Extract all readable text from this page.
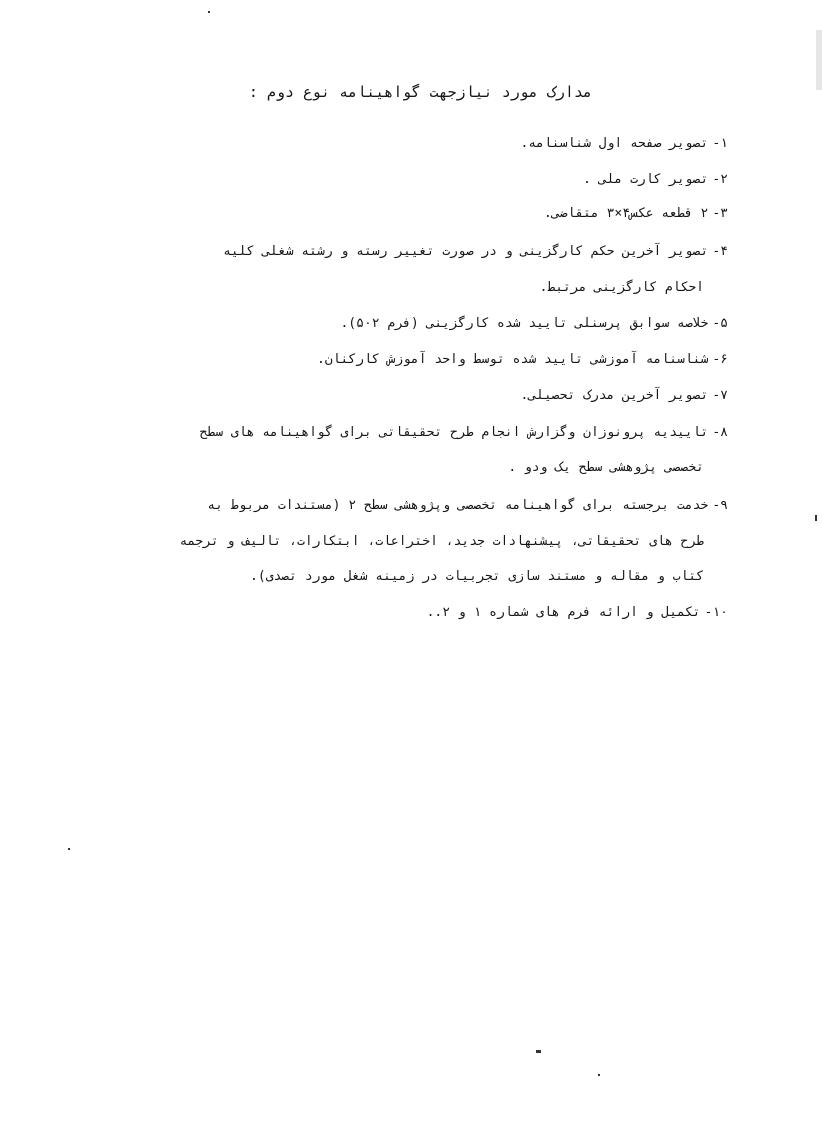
مدارک مورد نیازجهت گواهینامه نوع دوم :
۱-تصویر صفحه اول شناسنامه.
۲-تصویر کارت ملی .
۳-۲ قطعه عکس۴×۳ متقاضی.
۴-تصویر آخرین حکم کارگزینی و در صورت تغییر رسته و رشته شغلی کلیه
احکام کارگزینی مرتبط.
۵-خلاصه سوابق پرسنلی تایید شده کارگزینی (فرم ۵۰۲).
۶-شناسنامه آموزشی تایید شده توسط واحد آموزش کارکنان.
۷-تصویر آخرین مدرک تحصیلی.
۸-تاییدیه پرونوزان وگزارش انجام طرح تحقیقاتی برای گواهینامه های سطح
تخصصی پژوهشی سطح یک ودو .
۹-خدمت برجسته برای گواهینامه تخصصی وپژوهشی سطح ۲ (مستندات مربوط به
طرح های تحقیقاتی، پیشنهادات جدید، اختراعات، ابتکارات، تالیف و ترجمه
کتاب و مقاله و مستند سازی تجربیات در زمینه شغل مورد تصدی).
۱۰-تکمیل و ارائه فرم های شماره ۱ و ۲..
